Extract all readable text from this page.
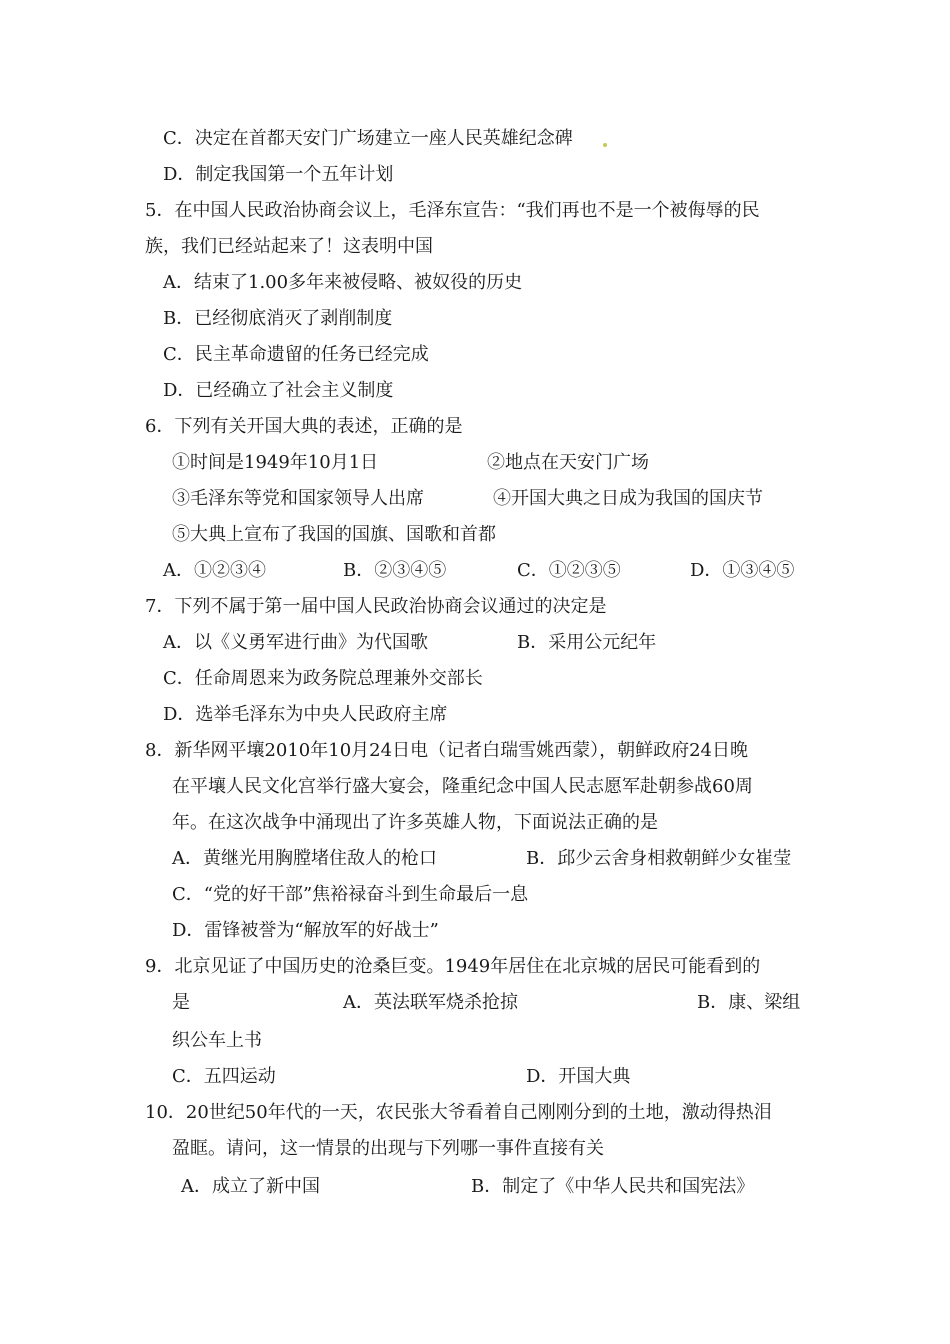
C．决定在首都天安门广场建立一座人民英雄纪念碑
D．制定我国第一个五年计划
5．在中国人民政治协商会议上，毛泽东宣告：“我们再也不是一个被侮辱的民
族，我们已经站起来了！这表明中国
A．结束了1.00多年来被侵略、被奴役的历史
B．已经彻底消灭了剥削制度
C．民主革命遗留的任务已经完成
D．已经确立了社会主义制度
6．下列有关开国大典的表述，正确的是
①时间是1949年10月1日	②地点在天安门广场
③毛泽东等党和国家领导人出席	④开国大典之日成为我国的国庆节
⑤大典上宣布了我国的国旗、国歌和首都
A．①②③④	B．②③④⑤	C．①②③⑤	D．①③④⑤
7．下列不属于第一届中国人民政治协商会议通过的决定是
A．以《义勇军进行曲》为代国歌	B．采用公元纪年
C．任命周恩来为政务院总理兼外交部长
D．选举毛泽东为中央人民政府主席
8．新华网平壤2010年10月24日电（记者白瑞雪姚西蒙），朝鲜政府24日晚
在平壤人民文化宫举行盛大宴会，隆重纪念中国人民志愿军赴朝参战60周
年。在这次战争中涌现出了许多英雄人物，下面说法正确的是
A．黄继光用胸膛堵住敌人的枪口	B．邱少云舍身相救朝鲜少女崔莹
C．“党的好干部”焦裕禄奋斗到生命最后一息
D．雷锋被誉为“解放军的好战士”
9．北京见证了中国历史的沧桑巨变。1949年居住在北京城的居民可能看到的
是	A．英法联军烧杀抢掠	B．康、梁组
织公车上书
C．五四运动	D．开国大典
10．20世纪50年代的一天，农民张大爷看着自己刚刚分到的土地，激动得热泪
盈眶。请问，这一情景的出现与下列哪一事件直接有关
A．成立了新中国	B．制定了《中华人民共和国宪法》
